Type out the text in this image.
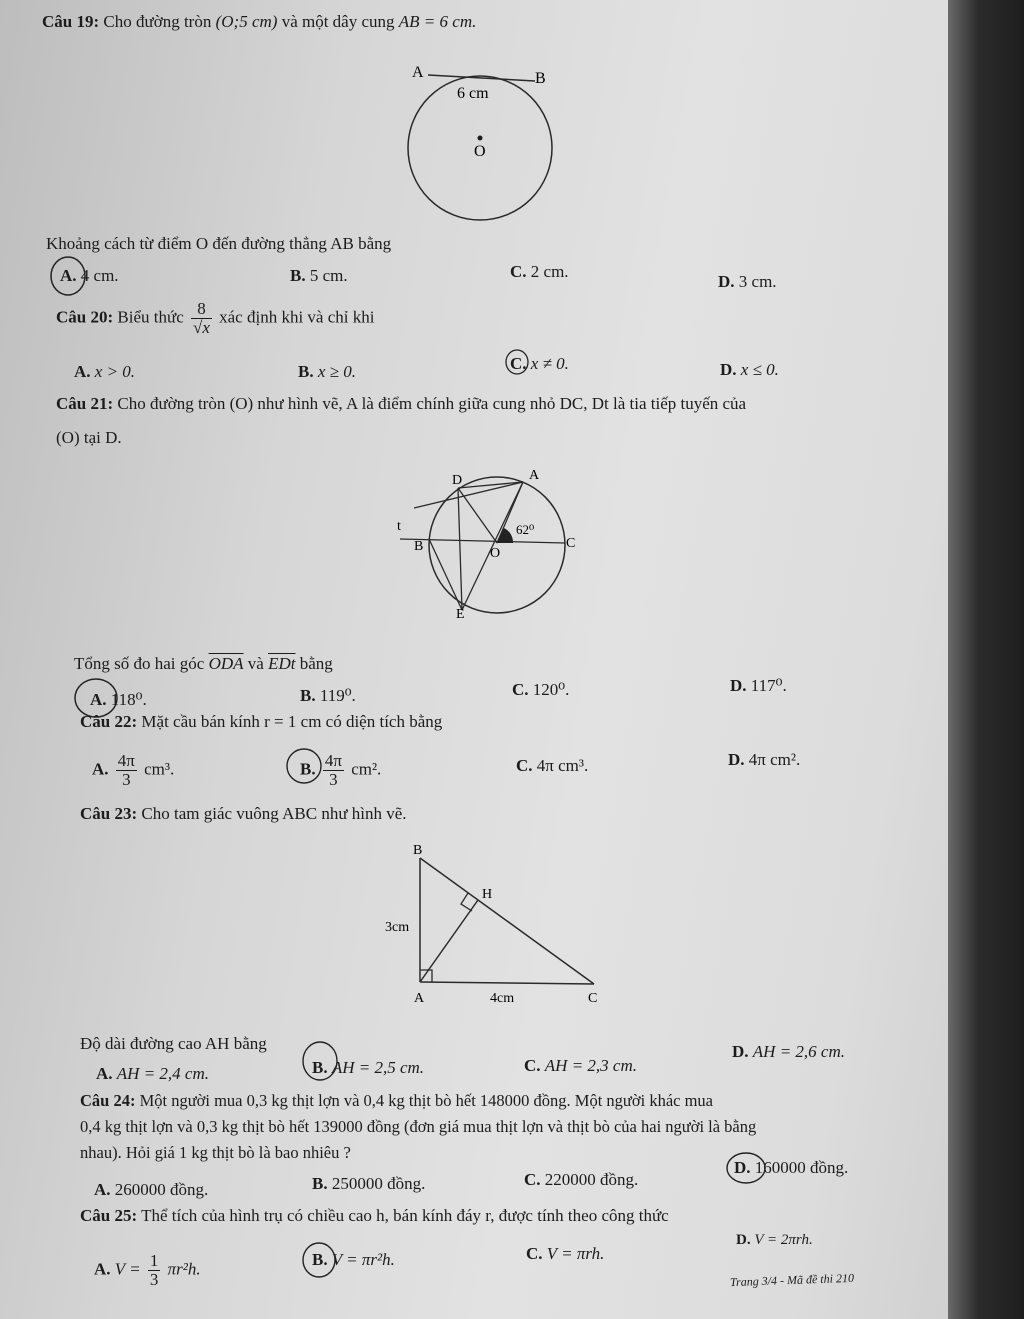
Câu 19: Cho đường tròn (O;5 cm) và một dây cung AB = 6 cm.
A	B
6 cm
O
Khoảng cách từ điểm O đến đường thẳng AB bằng
A. 4 cm.	B. 5 cm.	C. 2 cm.
D. 3 cm.
Câu 20: Biểu thức $\frac{8}{√x}$ xác định khi và chỉ khi
A. x > 0.	B. x ≥ 0.	C. x ≠ 0.	D. x ≤ 0.
Câu 21: Cho đường tròn (O) như hình vẽ, A là điểm chính giữa cung nhỏ DC, Dt là tia tiếp tuyến của
(O) tại D.
D	A
t
B	O
C
E
62⁰
Tổng số đo hai góc $\overline{ODA}$ và $\overline{EDt}$ bằng
A. 118⁰.	B. 119⁰.	C. 120⁰.	D. 117⁰.
Câu 22: Mặt cầu bán kính r = 1 cm có diện tích bằng
A. $\frac{4\pi}{3} cm^3$.	B. $\frac{4\pi}{3} cm^2$.	C. 4π cm³.	D. 4π cm².
Câu 23: Cho tam giác vuông ABC như hình vẽ.
B
H
A	C
3cm
4cm
Độ dài đường cao AH bằng
A. AH = 2,4 cm.	B. AH = 2,5 cm.	C. AH = 2,3 cm.
D. AH = 2,6 cm.
Câu 24: Một người mua 0,3 kg thịt lợn và 0,4 kg thịt bò hết 148000 đồng. Một người khác mua
0,4 kg thịt lợn và 0,3 kg thịt bò hết 139000 đồng (đơn giá mua thịt lợn và thịt bò của hai người là bằng
nhau). Hỏi giá 1 kg thịt bò là bao nhiêu ?
A. 260000 đồng.	B. 250000 đồng.	C. 220000 đồng.
D. 160000 đồng.
Câu 25: Thể tích của hình trụ có chiều cao h, bán kính đáy r, được tính theo công thức
A. $V = \frac{1}{3} \pi r^2h$.	B. V = πr²h.	C. V = πrh.
D. V = 2πrh.
Trang 3/4 - Mã đề thi 210
